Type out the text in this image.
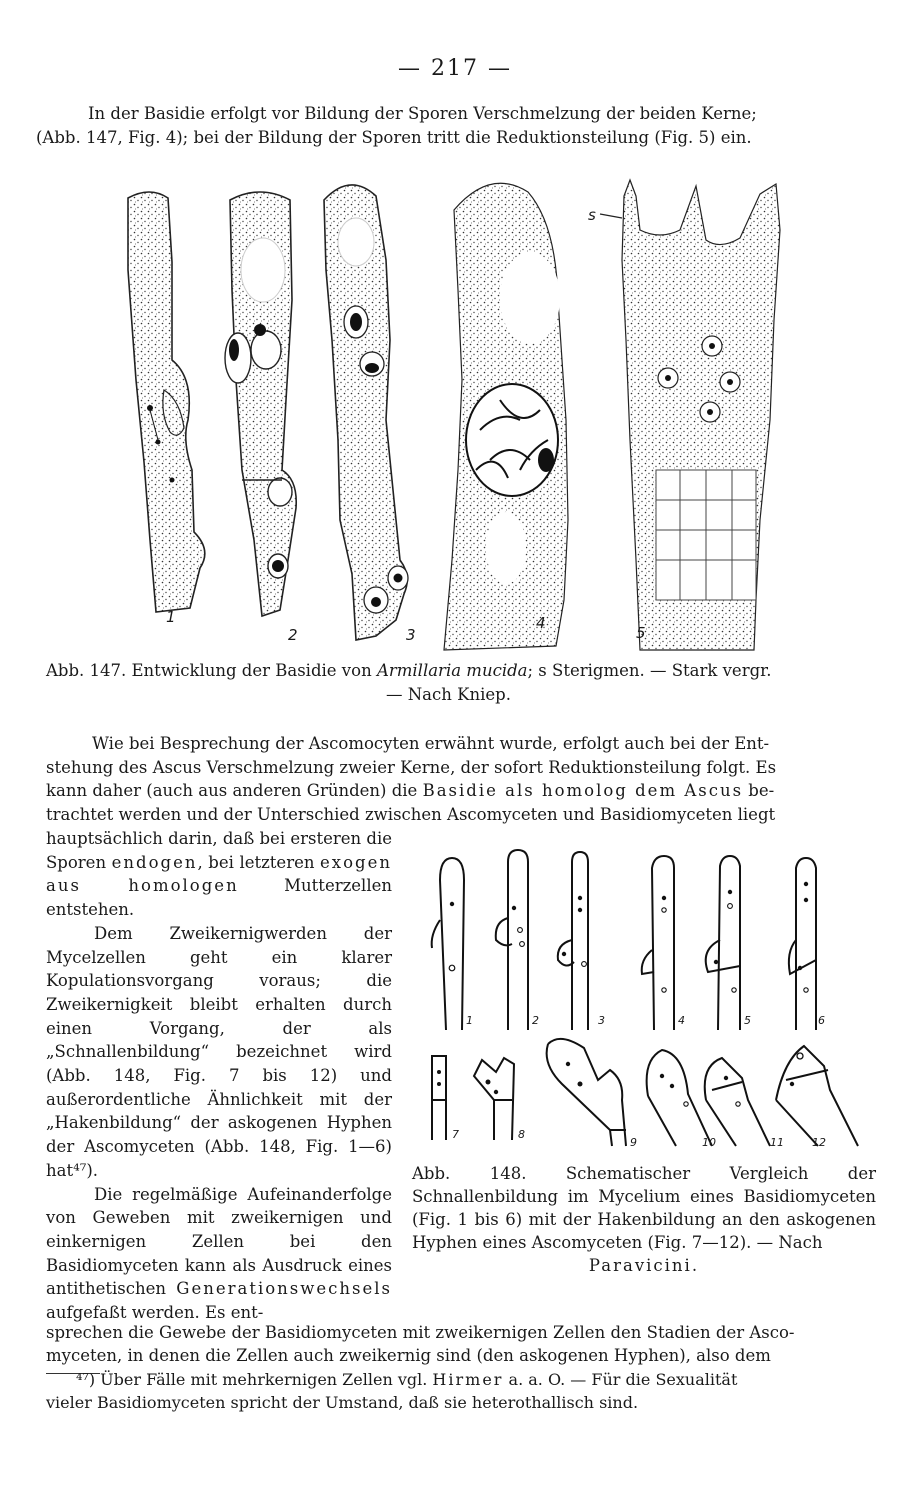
— 217 —
In der Basidie erfolgt vor Bildung der Sporen Verschmelzung der beiden Kerne;
(Abb. 147, Fig. 4); bei der Bildung der Sporen tritt die Reduktionsteilung (Fig. 5) ein.
s
1
2	3
4
5
Abb. 147. Entwicklung der Basidie von Armillaria mucida; s Sterigmen. — Stark vergr.
— Nach Kniep.
Wie bei Besprechung der Ascomocyten erwähnt wurde, erfolgt auch bei der Ent-
stehung des Ascus Verschmelzung zweier Kerne, der sofort Reduktionsteilung folgt. Es
kann daher (auch aus anderen Gründen) die Basidie als homolog dem Ascus be-
trachtet werden und der Unterschied zwischen Ascomyceten und Basidiomyceten liegt

hauptsächlich darin, daß bei ersteren die Sporen endogen, bei letzteren exogen aus homologen Mutterzellen entstehen.

Dem Zweikernigwerden der Mycelzellen geht ein klarer Kopulationsvorgang voraus; die Zweikernigkeit bleibt erhalten durch einen Vorgang, der als „Schnallenbildung“ bezeichnet wird (Abb. 148, Fig. 7 bis 12) und außerordentliche Ähnlichkeit mit der „Hakenbildung“ der askogenen Hyphen der Ascomyceten (Abb. 148, Fig. 1—6) hat⁴⁷).

Die regelmäßige Aufeinanderfolge von Geweben mit zweikernigen und einkernigen Zellen bei den Basidiomyceten kann als Ausdruck eines antithetischen Generationswechsels aufgefaßt werden. Es ent-

1	2	3	4	5	6
7	8
9	10	11	12
Abb. 148. Schematischer Vergleich der Schnallenbildung im Mycelium eines Basidiomyceten (Fig. 1 bis 6) mit der Hakenbildung an den askogenen Hyphen eines Ascomyceten (Fig. 7—12). — Nach
Paravicini.
sprechen die Gewebe der Basidiomyceten mit zweikernigen Zellen den Stadien der Asco-
myceten, in denen die Zellen auch zweikernig sind (den askogenen Hyphen), also dem
⁴⁷) Über Fälle mit mehrkernigen Zellen vgl. Hirmer a. a. O. — Für die Sexualität
vieler Basidiomyceten spricht der Umstand, daß sie heterothallisch sind.
